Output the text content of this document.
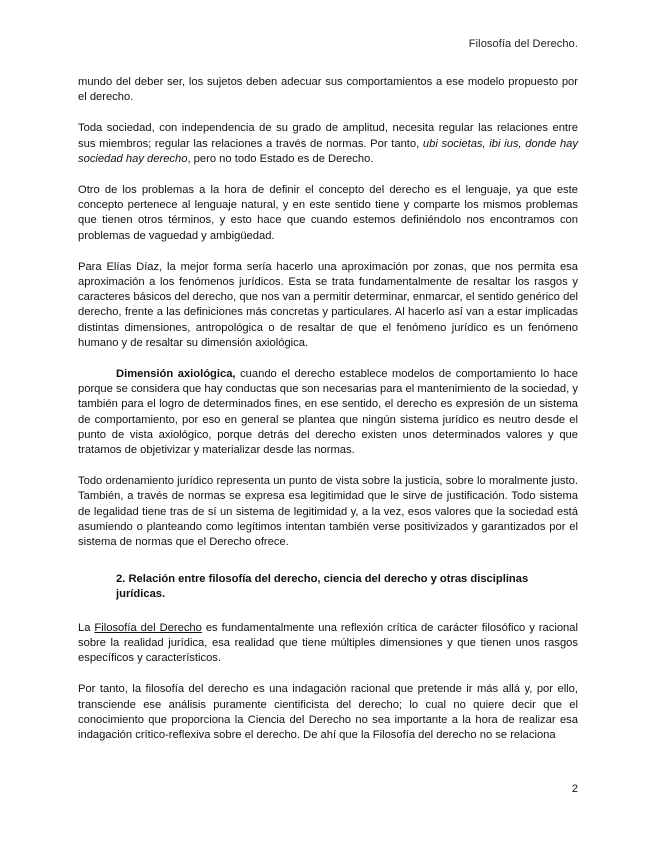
Filosofía del Derecho.

mundo del deber ser, los sujetos deben adecuar sus comportamientos a ese modelo propuesto por el derecho.

Toda sociedad, con independencia de su grado de amplitud, necesita regular las relaciones entre sus miembros; regular las relaciones a través de normas. Por tanto, ubi societas, ibi ius, donde hay sociedad hay derecho, pero no todo Estado es de Derecho.

Otro de los problemas a la hora de definir el concepto del derecho es el lenguaje, ya que este concepto pertenece al lenguaje natural, y en este sentido tiene y comparte los mismos problemas que tienen otros términos, y esto hace que cuando estemos definiéndolo nos encontramos con problemas de vaguedad y ambigüedad.

Para Elías Díaz, la mejor forma sería hacerlo una aproximación por zonas, que nos permita esa aproximación a los fenómenos jurídicos. Esta se trata fundamentalmente de resaltar los rasgos y caracteres básicos del derecho, que nos van a permitir determinar, enmarcar, el sentido genérico del derecho, frente a las definiciones más concretas y particulares. Al hacerlo así van a estar implicadas distintas dimensiones, antropológica o de resaltar de que el fenómeno jurídico es un fenómeno humano y de resaltar su dimensión axiológica.

Dimensión axiológica, cuando el derecho establece modelos de comportamiento lo hace porque se considera que hay conductas que son necesarias para el mantenimiento de la sociedad, y también para el logro de determinados fines, en ese sentido, el derecho es expresión de un sistema de comportamiento, por eso en general se plantea que ningún sistema jurídico es neutro desde el punto de vista axiológico, porque detrás del derecho existen unos determinados valores y que tratamos de objetivizar y materializar desde las normas.

Todo ordenamiento jurídico representa un punto de vista sobre la justicia, sobre lo moralmente justo. También, a través de normas se expresa esa legitimidad que le sirve de justificación. Todo sistema de legalidad tiene tras de sí un sistema de legitimidad y, a la vez, esos valores que la sociedad está asumiendo o planteando como legítimos intentan también verse positivizados y garantizados por el sistema de normas que el Derecho ofrece.

2. Relación entre filosofía del derecho, ciencia del derecho y otras disciplinas jurídicas.

La Filosofía del Derecho es fundamentalmente una reflexión crítica de carácter filosófico y racional sobre la realidad jurídica, esa realidad que tiene múltiples dimensiones y que tienen unos rasgos específicos y característicos.

Por tanto, la filosofía del derecho es una indagación racional que pretende ir más allá y, por ello, transciende ese análisis puramente cientificista del derecho; lo cual no quiere decir que el conocimiento que proporciona la Ciencia del Derecho no sea importante a la hora de realizar esa indagación crítico-reflexiva sobre el derecho. De ahí que la Filosofía del derecho no se relaciona

2
